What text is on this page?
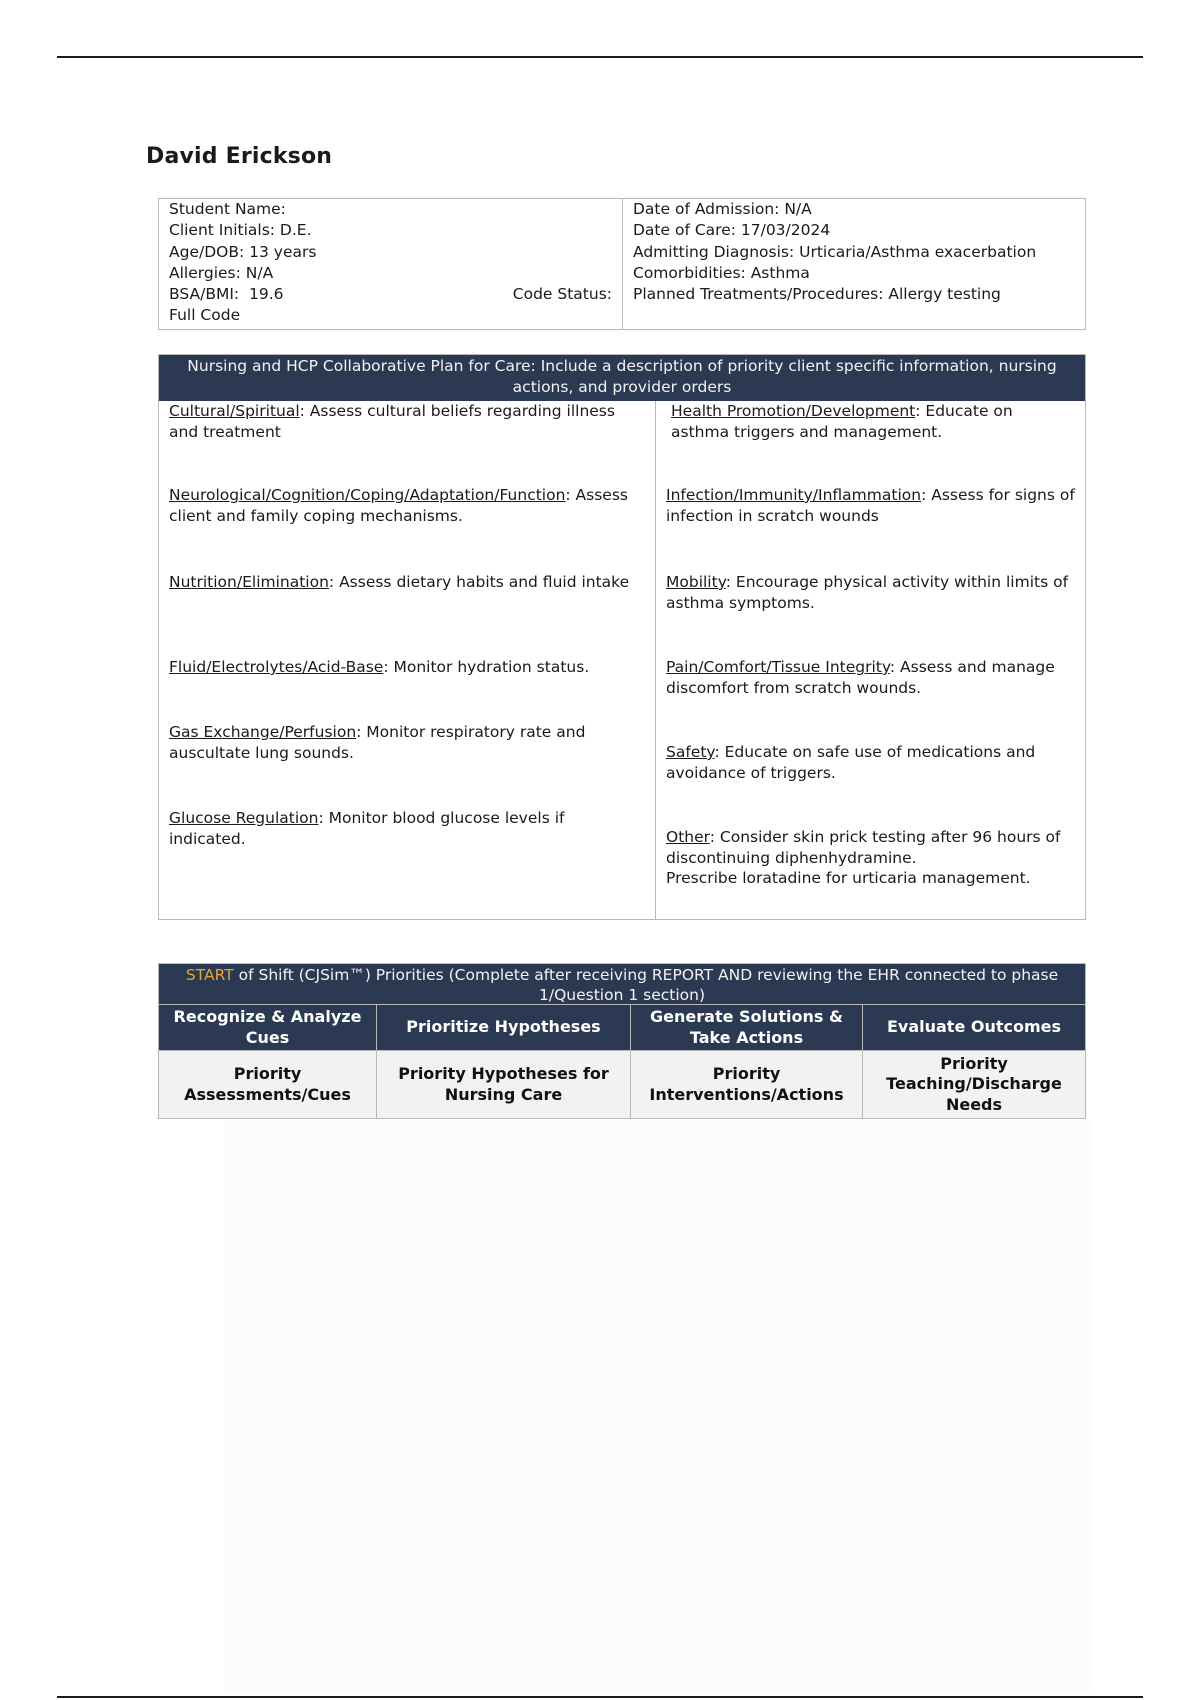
David Erickson
Student Name:
Client Initials: D.E.
Age/DOB: 13 years
Allergies: N/A
BSA/BMI:  19.6	Code Status:
Full Code
Date of Admission: N/A
Date of Care: 17/03/2024
Admitting Diagnosis: Urticaria/Asthma exacerbation
Comorbidities: Asthma
Planned Treatments/Procedures: Allergy testing
Nursing and HCP Collaborative Plan for Care: Include a description of priority client specific information, nursing actions, and provider orders
Cultural/Spiritual: Assess cultural beliefs regarding illness and treatment
Neurological/Cognition/Coping/Adaptation/Function: Assess client and family coping mechanisms.
Nutrition/Elimination: Assess dietary habits and fluid intake
Fluid/Electrolytes/Acid-Base: Monitor hydration status.
Gas Exchange/Perfusion: Monitor respiratory rate and auscultate lung sounds.
Glucose Regulation: Monitor blood glucose levels if indicated.
Health Promotion/Development: Educate on asthma triggers and management.
Infection/Immunity/Inflammation: Assess for signs of infection in scratch wounds
Mobility: Encourage physical activity within limits of asthma symptoms.
Pain/Comfort/Tissue Integrity: Assess and manage discomfort from scratch wounds.
Safety: Educate on safe use of medications and avoidance of triggers.
Other: Consider skin prick testing after 96 hours of discontinuing diphenhydramine.
Prescribe loratadine for urticaria management.
START of Shift (CJSim™) Priorities (Complete after receiving REPORT AND reviewing the EHR connected to phase 1/Question 1 section)
Recognize & Analyze Cues
Prioritize Hypotheses
Generate Solutions & Take Actions
Evaluate Outcomes
Priority Assessments/Cues
Priority Hypotheses for Nursing Care
Priority Interventions/Actions
Priority Teaching/Discharge Needs
